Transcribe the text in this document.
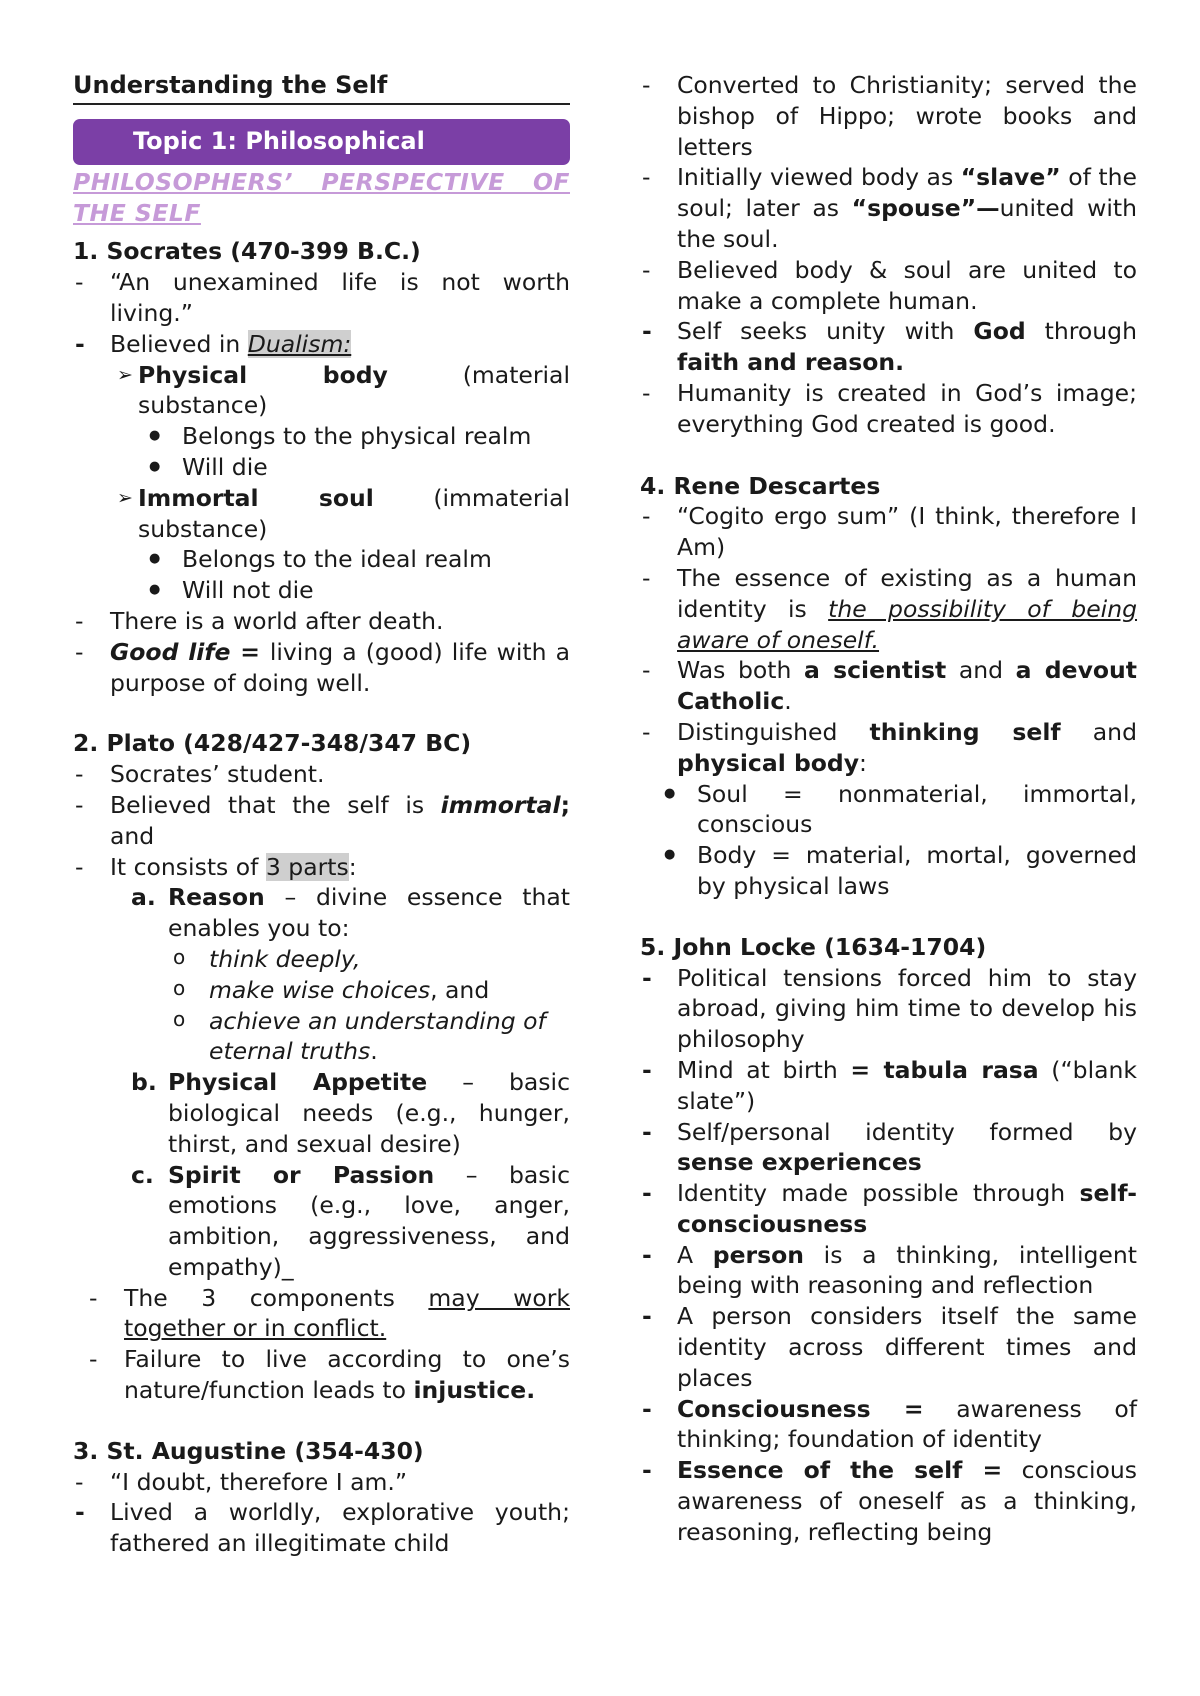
Understanding the Self
Topic 1: Philosophical
PHILOSOPHERS’ PERSPECTIVE OF THE SELF
1. Socrates (470-399 B.C.)
- “An unexamined life is not worth living.”
- Believed in Dualism:
➢ Physical body (material substance)
● Belongs to the physical realm
● Will die
➢ Immortal soul (immaterial substance)
● Belongs to the ideal realm
● Will not die
- There is a world after death.
- Good life = living a (good) life with a purpose of doing well.
2. Plato (428/427-348/347 BC)
- Socrates’ student.
- Believed that the self is immortal; and
- It consists of 3 parts:
a. Reason – divine essence that enables you to:
o think deeply,
o make wise choices, and
o achieve an understanding of eternal truths.
b. Physical Appetite – basic biological needs (e.g., hunger, thirst, and sexual desire)
c. Spirit or Passion – basic emotions (e.g., love, anger, ambition, aggressiveness, and empathy)_
- The 3 components may work together or in conflict.
- Failure to live according to one’s nature/function leads to injustice.
3. St. Augustine (354-430)
- “I doubt, therefore I am.”
- Lived a worldly, explorative youth; fathered an illegitimate child
- Converted to Christianity; served the bishop of Hippo; wrote books and letters
- Initially viewed body as “slave” of the soul; later as “spouse”—united with the soul.
- Believed body & soul are united to make a complete human.
- Self seeks unity with God through faith and reason.
- Humanity is created in God’s image; everything God created is good.
4. Rene Descartes
- “Cogito ergo sum” (I think, therefore I Am)
- The essence of existing as a human identity is the possibility of being aware of oneself.
- Was both a scientist and a devout Catholic.
- Distinguished thinking self and physical body:
● Soul = nonmaterial, immortal, conscious
● Body = material, mortal, governed by physical laws
5. John Locke (1634-1704)
- Political tensions forced him to stay abroad, giving him time to develop his philosophy
- Mind at birth = tabula rasa (“blank slate”)
- Self/personal identity formed by sense experiences
- Identity made possible through self-consciousness
- A person is a thinking, intelligent being with reasoning and reflection
- A person considers itself the same identity across different times and places
- Consciousness = awareness of thinking; foundation of identity
- Essence of the self = conscious awareness of oneself as a thinking, reasoning, reflecting being
